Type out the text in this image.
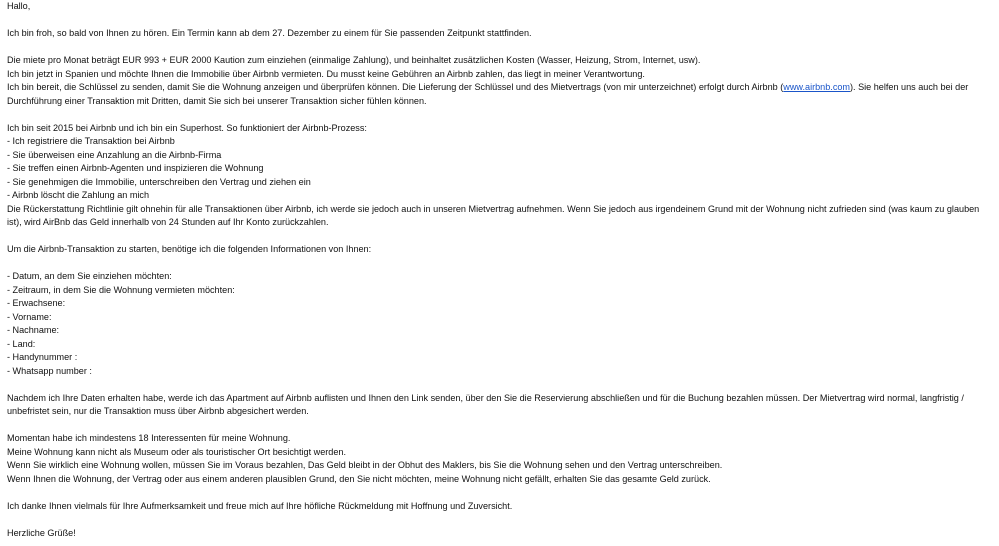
Hallo,
Ich bin froh, so bald von Ihnen zu hören. Ein Termin kann ab dem 27. Dezember zu einem für Sie passenden Zeitpunkt stattfinden.
Die miete pro Monat beträgt EUR 993 + EUR 2000 Kaution zum einziehen (einmalige Zahlung), und beinhaltet zusätzlichen Kosten (Wasser, Heizung, Strom, Internet, usw).
Ich bin jetzt in Spanien und möchte Ihnen die Immobilie über Airbnb vermieten. Du musst keine Gebühren an Airbnb zahlen, das liegt in meiner Verantwortung.
Ich bin bereit, die Schlüssel zu senden, damit Sie die Wohnung anzeigen und überprüfen können. Die Lieferung der Schlüssel und des Mietvertrags (von mir unterzeichnet) erfolgt durch Airbnb (www.airbnb.com). Sie helfen uns auch bei der Durchführung einer Transaktion mit Dritten, damit Sie sich bei unserer Transaktion sicher fühlen können.
Ich bin seit 2015 bei Airbnb und ich bin ein Superhost. So funktioniert der Airbnb-Prozess:
- Ich registriere die Transaktion bei Airbnb
- Sie überweisen eine Anzahlung an die Airbnb-Firma
- Sie treffen einen Airbnb-Agenten und inspizieren die Wohnung
- Sie genehmigen die Immobilie, unterschreiben den Vertrag und ziehen ein
- Airbnb löscht die Zahlung an mich
Die Rückerstattung Richtlinie gilt ohnehin für alle Transaktionen über Airbnb, ich werde sie jedoch auch in unseren Mietvertrag aufnehmen. Wenn Sie jedoch aus irgendeinem Grund mit der Wohnung nicht zufrieden sind (was kaum zu glauben ist), wird AirBnb das Geld innerhalb von 24 Stunden auf Ihr Konto zurückzahlen.
Um die Airbnb-Transaktion zu starten, benötige ich die folgenden Informationen von Ihnen:
- Datum, an dem Sie einziehen möchten:
- Zeitraum, in dem Sie die Wohnung vermieten möchten:
- Erwachsene:
- Vorname:
- Nachname:
- Land:
- Handynummer :
- Whatsapp number :
Nachdem ich Ihre Daten erhalten habe, werde ich das Apartment auf Airbnb auflisten und Ihnen den Link senden, über den Sie die Reservierung abschließen und für die Buchung bezahlen müssen. Der Mietvertrag wird normal, langfristig / unbefristet sein, nur die Transaktion muss über Airbnb abgesichert werden.
Momentan habe ich mindestens 18 Interessenten für meine Wohnung.
Meine Wohnung kann nicht als Museum oder als touristischer Ort besichtigt werden.
Wenn Sie wirklich eine Wohnung wollen, müssen Sie im Voraus bezahlen, Das Geld bleibt in der Obhut des Maklers, bis Sie die Wohnung sehen und den Vertrag unterschreiben.
Wenn Ihnen die Wohnung, der Vertrag oder aus einem anderen plausiblen Grund, den Sie nicht möchten, meine Wohnung nicht gefällt, erhalten Sie das gesamte Geld zurück.
Ich danke Ihnen vielmals für Ihre Aufmerksamkeit und freue mich auf Ihre höfliche Rückmeldung mit Hoffnung und Zuversicht.
Herzliche Grüße!
